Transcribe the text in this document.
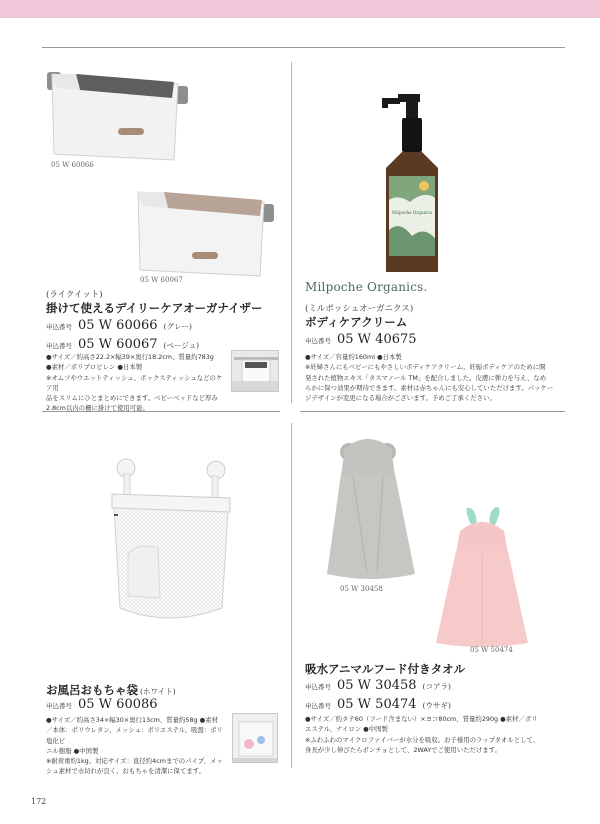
05 W 60066
05 W 60067
(ライクイット)
掛けて使えるデイリーケアオーガナイザー
申込番号 05 W 60066 (グレー)
申込番号 05 W 60067 (ベージュ)
●サイズ／約高さ22.2×幅39×奥行18.2cm、質量約783g
●素材／ポリプロピレン ●日本製
※オムツやウエットティッシュ、ボックスティッシュなどのケア用
品をスリムにひとまとめにできます。ベビーベッドなど厚み
2.8cm以内の柵に掛けて使用可能。
Milpoche Organics
Milpoche Organics.
(ミルポッシュオーガニクス)
ボディケアクリーム
申込番号 05 W 40675
●サイズ／容量約160ml ●日本製
※妊婦さんにもベビーにもやさしいボディケアクリーム。妊娠ボディケアのために開
発された植物エキス「タスマノール TM」を配合しました。皮膚に弾力を与え、なめ
らかに保つ効果が期待できます。素材は赤ちゃんにも安心していただけます。パッケー
ジデザインが変更になる場合がございます。予めご了承ください。
お風呂おもちゃ袋 (ホワイト)
申込番号 05 W 60086
●サイズ／約高さ34×幅30×奥行13cm、質量約58g ●素材
／本体：ポリウレタン、メッシュ：ポリエステル、吸盤：ポリ塩化ビ
ニル樹脂 ●中国製
※耐荷重約1kg。対応サイズ：直径約4cmまでのパイプ、メッ
シュ素材で水切れが良く、おもちゃを清潔に保てます。
05 W 30458
05 W 50474
吸水アニマルフード付きタオル
申込番号 05 W 30458 (コアラ)
申込番号 05 W 50474 (ウサギ)
●サイズ／約タテ60（フード含まない）×ヨコ80cm、質量約290g ●素材／ポリ
エステル、ナイロン ●中国製
※ふわふわのマイクロファイバーが水分を吸収。お子様用のラップタオルとして、
身長が少し伸びたらポンチョとして、2WAYでご使用いただけます。
172
